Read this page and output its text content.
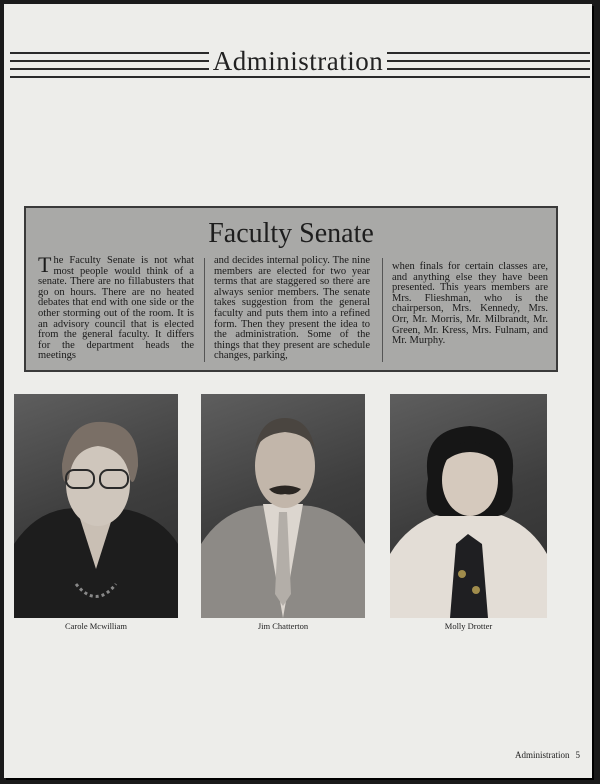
Administration
Faculty Senate
The Faculty Senate is not what most people would think of a senate. There are no fillabusters that go on hours. There are no heated debates that end with one side or the other storming out of the room. It is an advisory council that is elected from the general faculty. It differs for the department heads the meetings
and decides internal policy. The nine members are elected for two year terms that are staggered so there are always senior members. The senate takes suggestion from the general faculty and puts them into a refined form. Then they present the idea to the administration. Some of the things that they present are schedule changes, parking,
when finals for certain classes are, and anything else they have been presented. This years members are Mrs. Flieshman, who is the chairperson, Mrs. Kennedy, Mrs. Orr, Mr. Morris, Mr. Milbrandt, Mr. Green, Mr. Kress, Mrs. Fulnam, and Mr. Murphy.
Carole Mcwilliam	Jim Chatterton	Molly Drotter
Administration 5
